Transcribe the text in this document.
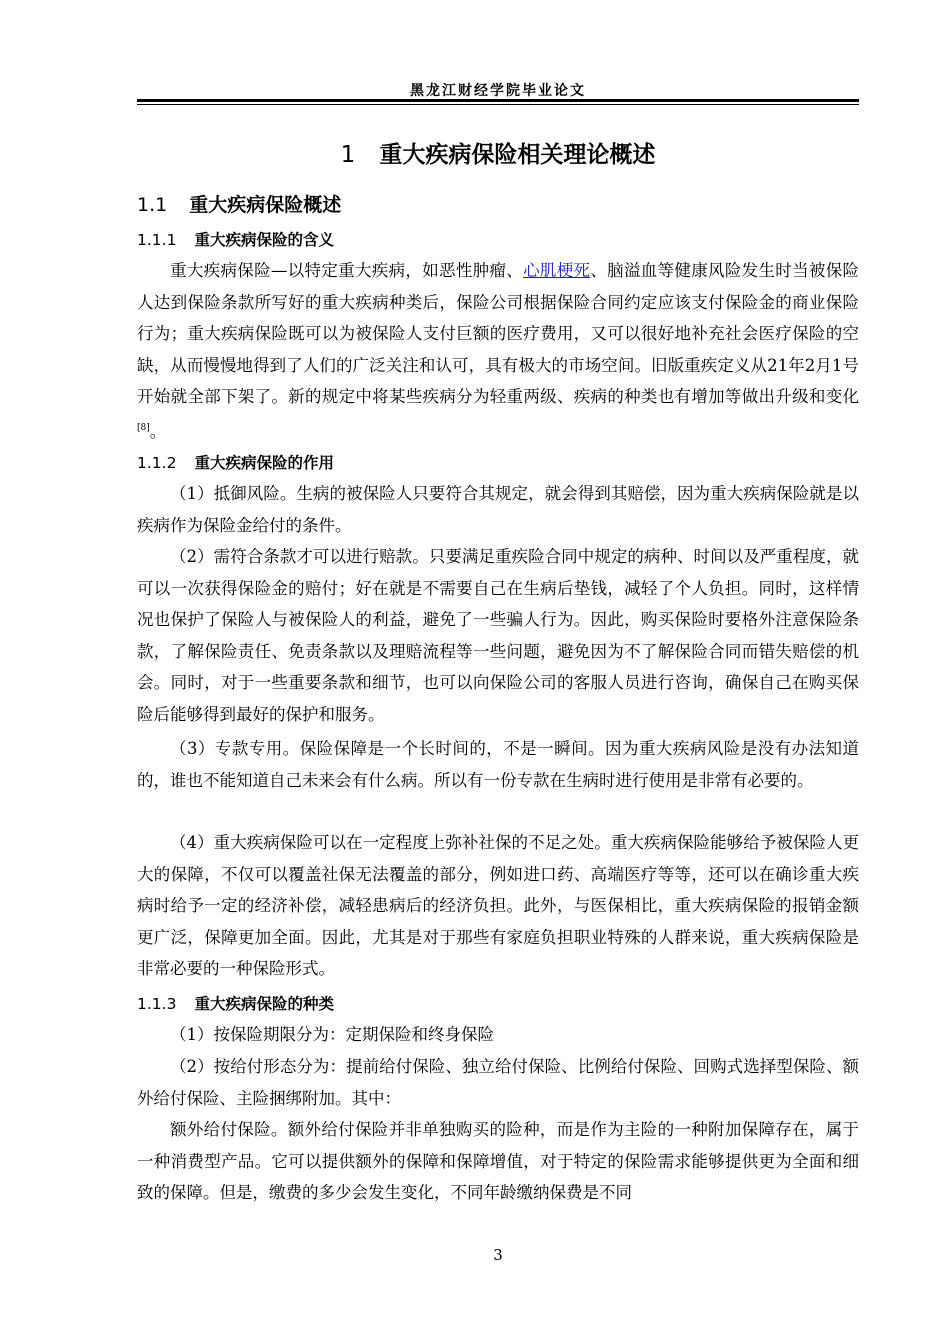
黑龙江财经学院毕业论文
1 重大疾病保险相关理论概述
1.1 重大疾病保险概述
1.1.1 重大疾病保险的含义

重大疾病保险—以特定重大疾病，如恶性肿瘤、心肌梗死、脑溢血等健康风险发生时当被保险人达到保险条款所写好的重大疾病种类后，保险公司根据保险合同约定应该支付保险金的商业保险行为；重大疾病保险既可以为被保险人支付巨额的医疗费用，又可以很好地补充社会医疗保险的空缺，从而慢慢地得到了人们的广泛关注和认可，具有极大的市场空间。旧版重疾定义从21年2月1号开始就全部下架了。新的规定中将某些疾病分为轻重两级、疾病的种类也有增加等做出升级和变化[8]。

1.1.2 重大疾病保险的作用

（1）抵御风险。生病的被保险人只要符合其规定，就会得到其赔偿，因为重大疾病保险就是以疾病作为保险金给付的条件。

（2）需符合条款才可以进行赔款。只要满足重疾险合同中规定的病种、时间以及严重程度，就可以一次获得保险金的赔付；好在就是不需要自己在生病后垫钱，减轻了个人负担。同时，这样情况也保护了保险人与被保险人的利益，避免了一些骗人行为。因此，购买保险时要格外注意保险条款，了解保险责任、免责条款以及理赔流程等一些问题，避免因为不了解保险合同而错失赔偿的机会。同时，对于一些重要条款和细节，也可以向保险公司的客服人员进行咨询，确保自己在购买保险后能够得到最好的保护和服务。

（3）专款专用。保险保障是一个长时间的，不是一瞬间。因为重大疾病风险是没有办法知道的，谁也不能知道自己未来会有什么病。所以有一份专款在生病时进行使用是非常有必要的。

（4）重大疾病保险可以在一定程度上弥补社保的不足之处。重大疾病保险能够给予被保险人更大的保障，不仅可以覆盖社保无法覆盖的部分，例如进口药、高端医疗等等，还可以在确诊重大疾病时给予一定的经济补偿，减轻患病后的经济负担。此外，与医保相比，重大疾病保险的报销金额更广泛，保障更加全面。因此，尤其是对于那些有家庭负担职业特殊的人群来说，重大疾病保险是非常必要的一种保险形式。

1.1.3 重大疾病保险的种类

（1）按保险期限分为：定期保险和终身保险

（2）按给付形态分为：提前给付保险、独立给付保险、比例给付保险、回购式选择型保险、额外给付保险、主险捆绑附加。其中：

额外给付保险。额外给付保险并非单独购买的险种，而是作为主险的一种附加保障存在，属于一种消费型产品。它可以提供额外的保障和保障增值，对于特定的保险需求能够提供更为全面和细致的保障。但是，缴费的多少会发生变化，不同年龄缴纳保费是不同

3
